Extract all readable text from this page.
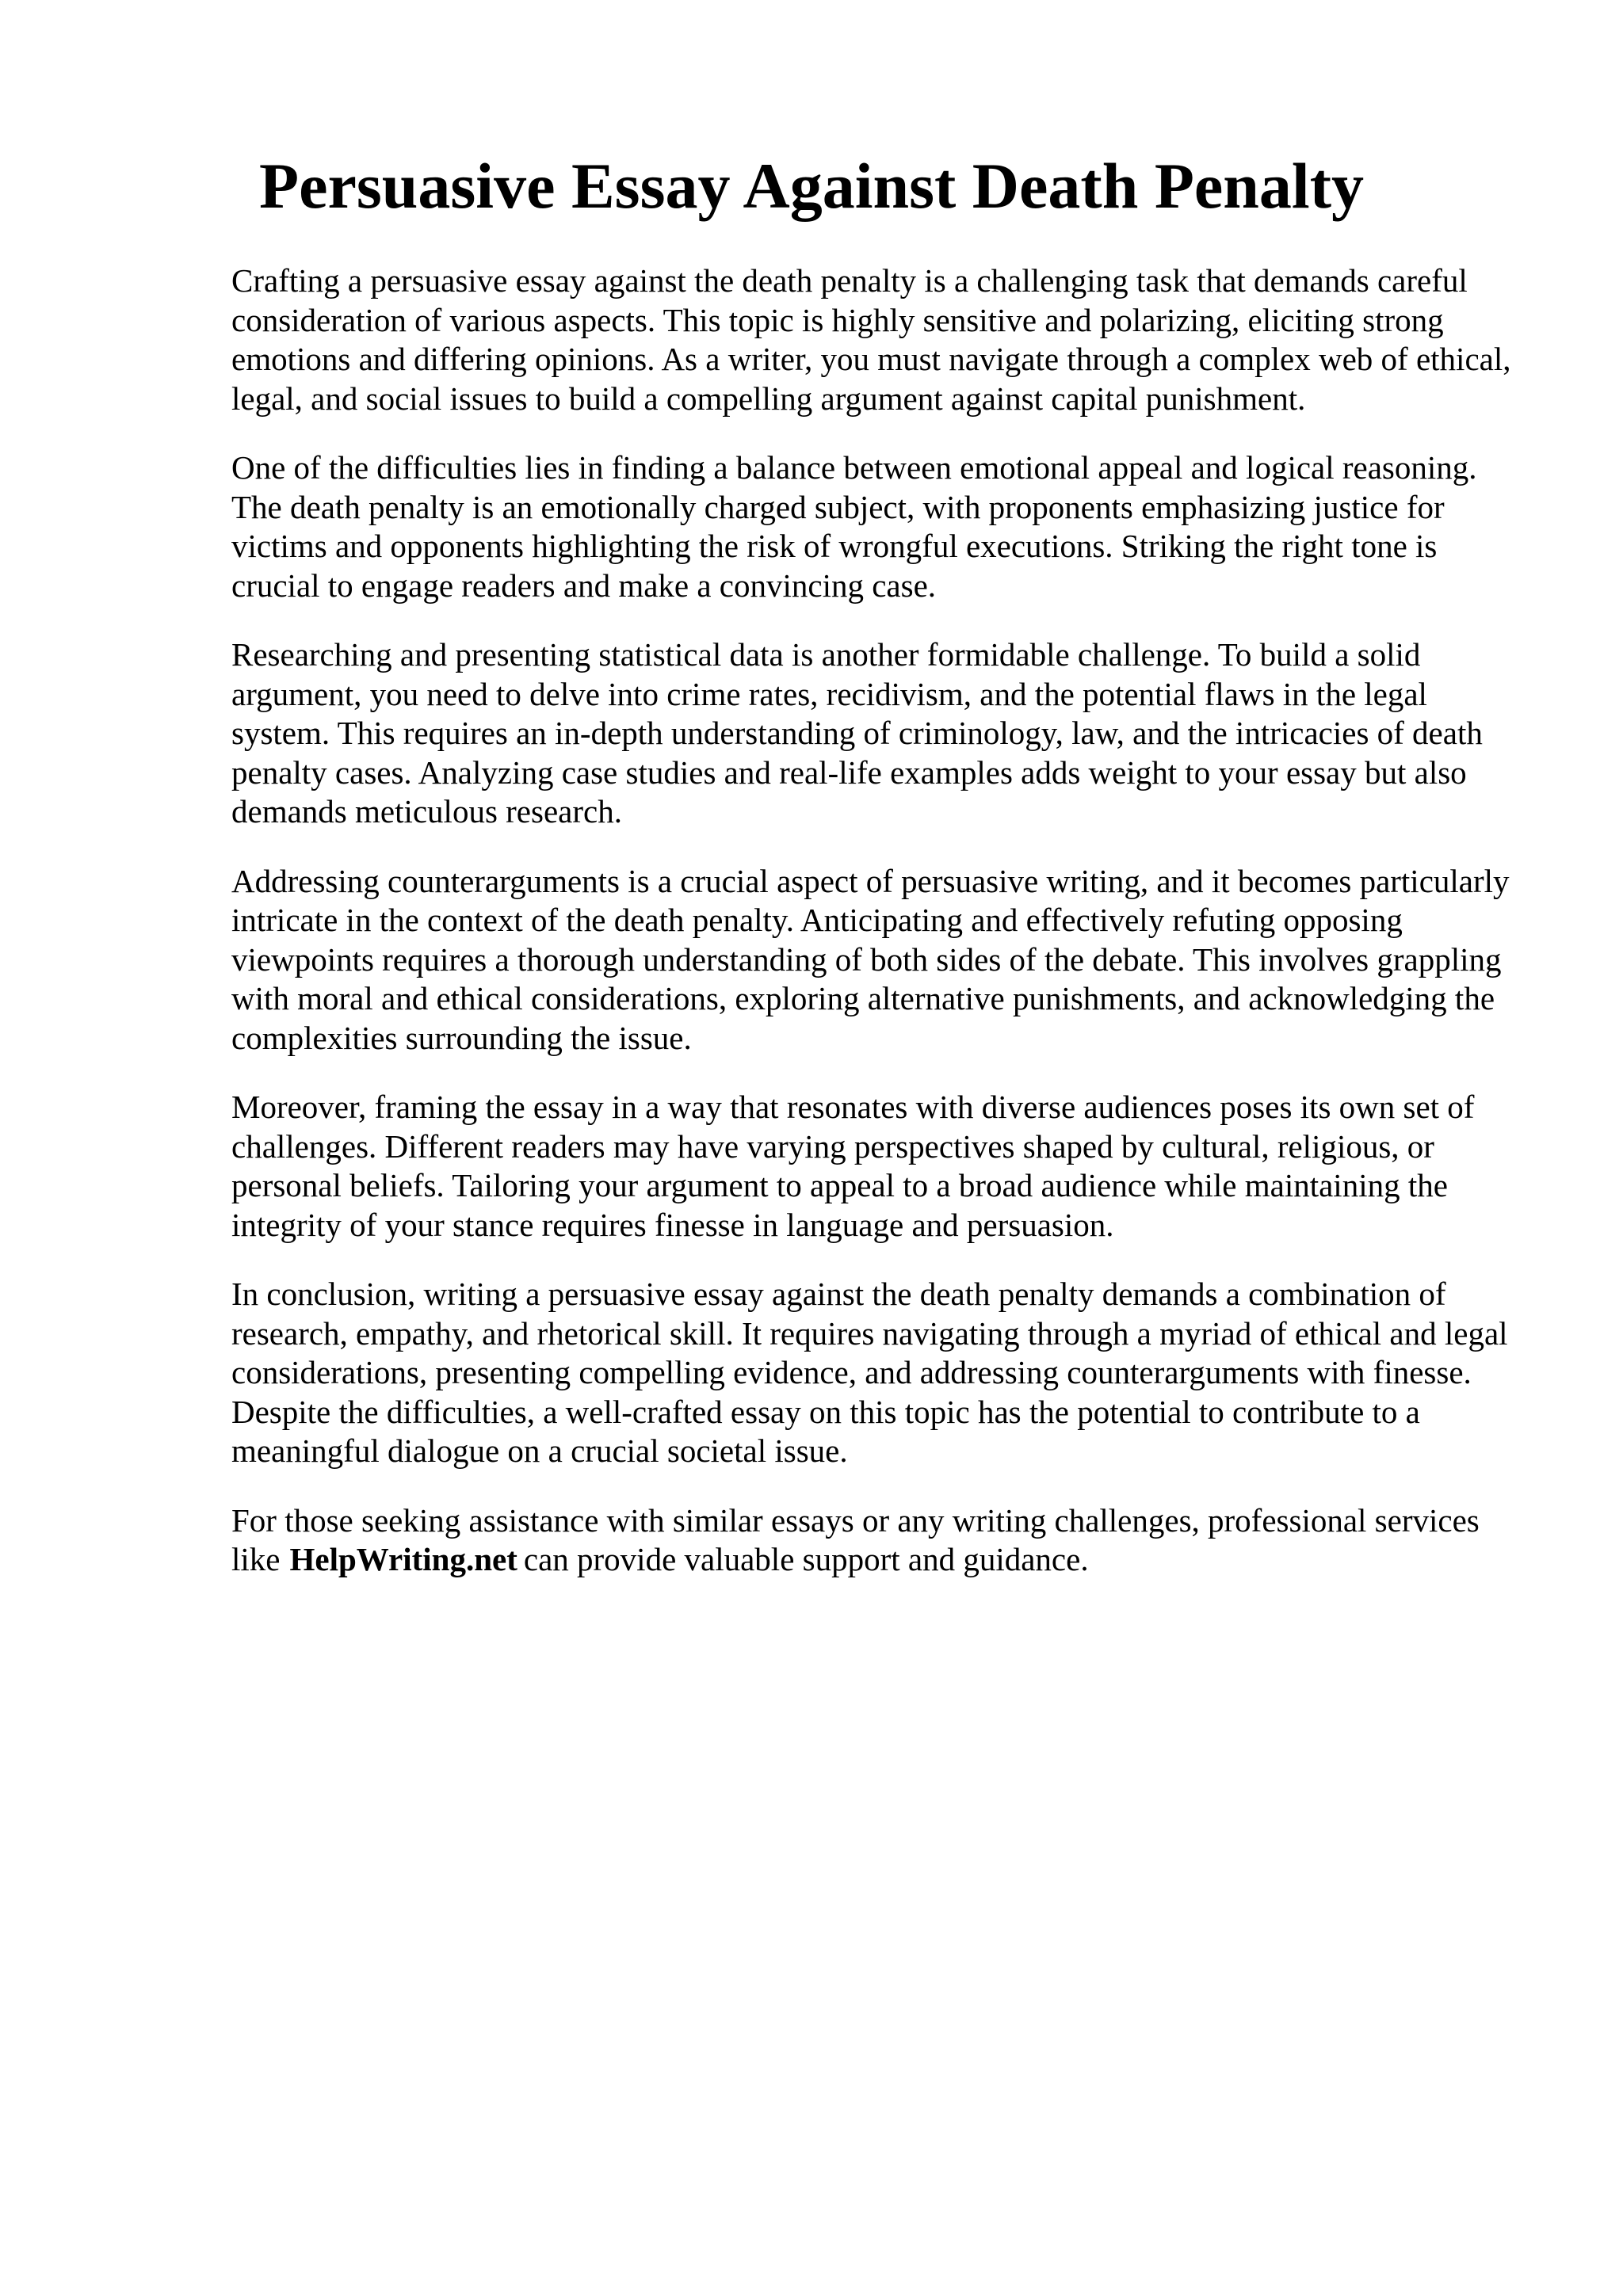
Persuasive Essay Against Death Penalty

Crafting a persuasive essay against the death penalty is a challenging task that demands careful consideration of various aspects. This topic is highly sensitive and polarizing, eliciting strong emotions and differing opinions. As a writer, you must navigate through a complex web of ethical, legal, and social issues to build a compelling argument against capital punishment.

One of the difficulties lies in finding a balance between emotional appeal and logical reasoning. The death penalty is an emotionally charged subject, with proponents emphasizing justice for victims and opponents highlighting the risk of wrongful executions. Striking the right tone is crucial to engage readers and make a convincing case.

Researching and presenting statistical data is another formidable challenge. To build a solid argument, you need to delve into crime rates, recidivism, and the potential flaws in the legal system. This requires an in-depth understanding of criminology, law, and the intricacies of death penalty cases. Analyzing case studies and real-life examples adds weight to your essay but also demands meticulous research.

Addressing counterarguments is a crucial aspect of persuasive writing, and it becomes particularly intricate in the context of the death penalty. Anticipating and effectively refuting opposing viewpoints requires a thorough understanding of both sides of the debate. This involves grappling with moral and ethical considerations, exploring alternative punishments, and acknowledging the complexities surrounding the issue.

Moreover, framing the essay in a way that resonates with diverse audiences poses its own set of challenges. Different readers may have varying perspectives shaped by cultural, religious, or personal beliefs. Tailoring your argument to appeal to a broad audience while maintaining the integrity of your stance requires finesse in language and persuasion.

In conclusion, writing a persuasive essay against the death penalty demands a combination of research, empathy, and rhetorical skill. It requires navigating through a myriad of ethical and legal considerations, presenting compelling evidence, and addressing counterarguments with finesse. Despite the difficulties, a well-crafted essay on this topic has the potential to contribute to a meaningful dialogue on a crucial societal issue.

For those seeking assistance with similar essays or any writing challenges, professional services like HelpWriting.net can provide valuable support and guidance.
